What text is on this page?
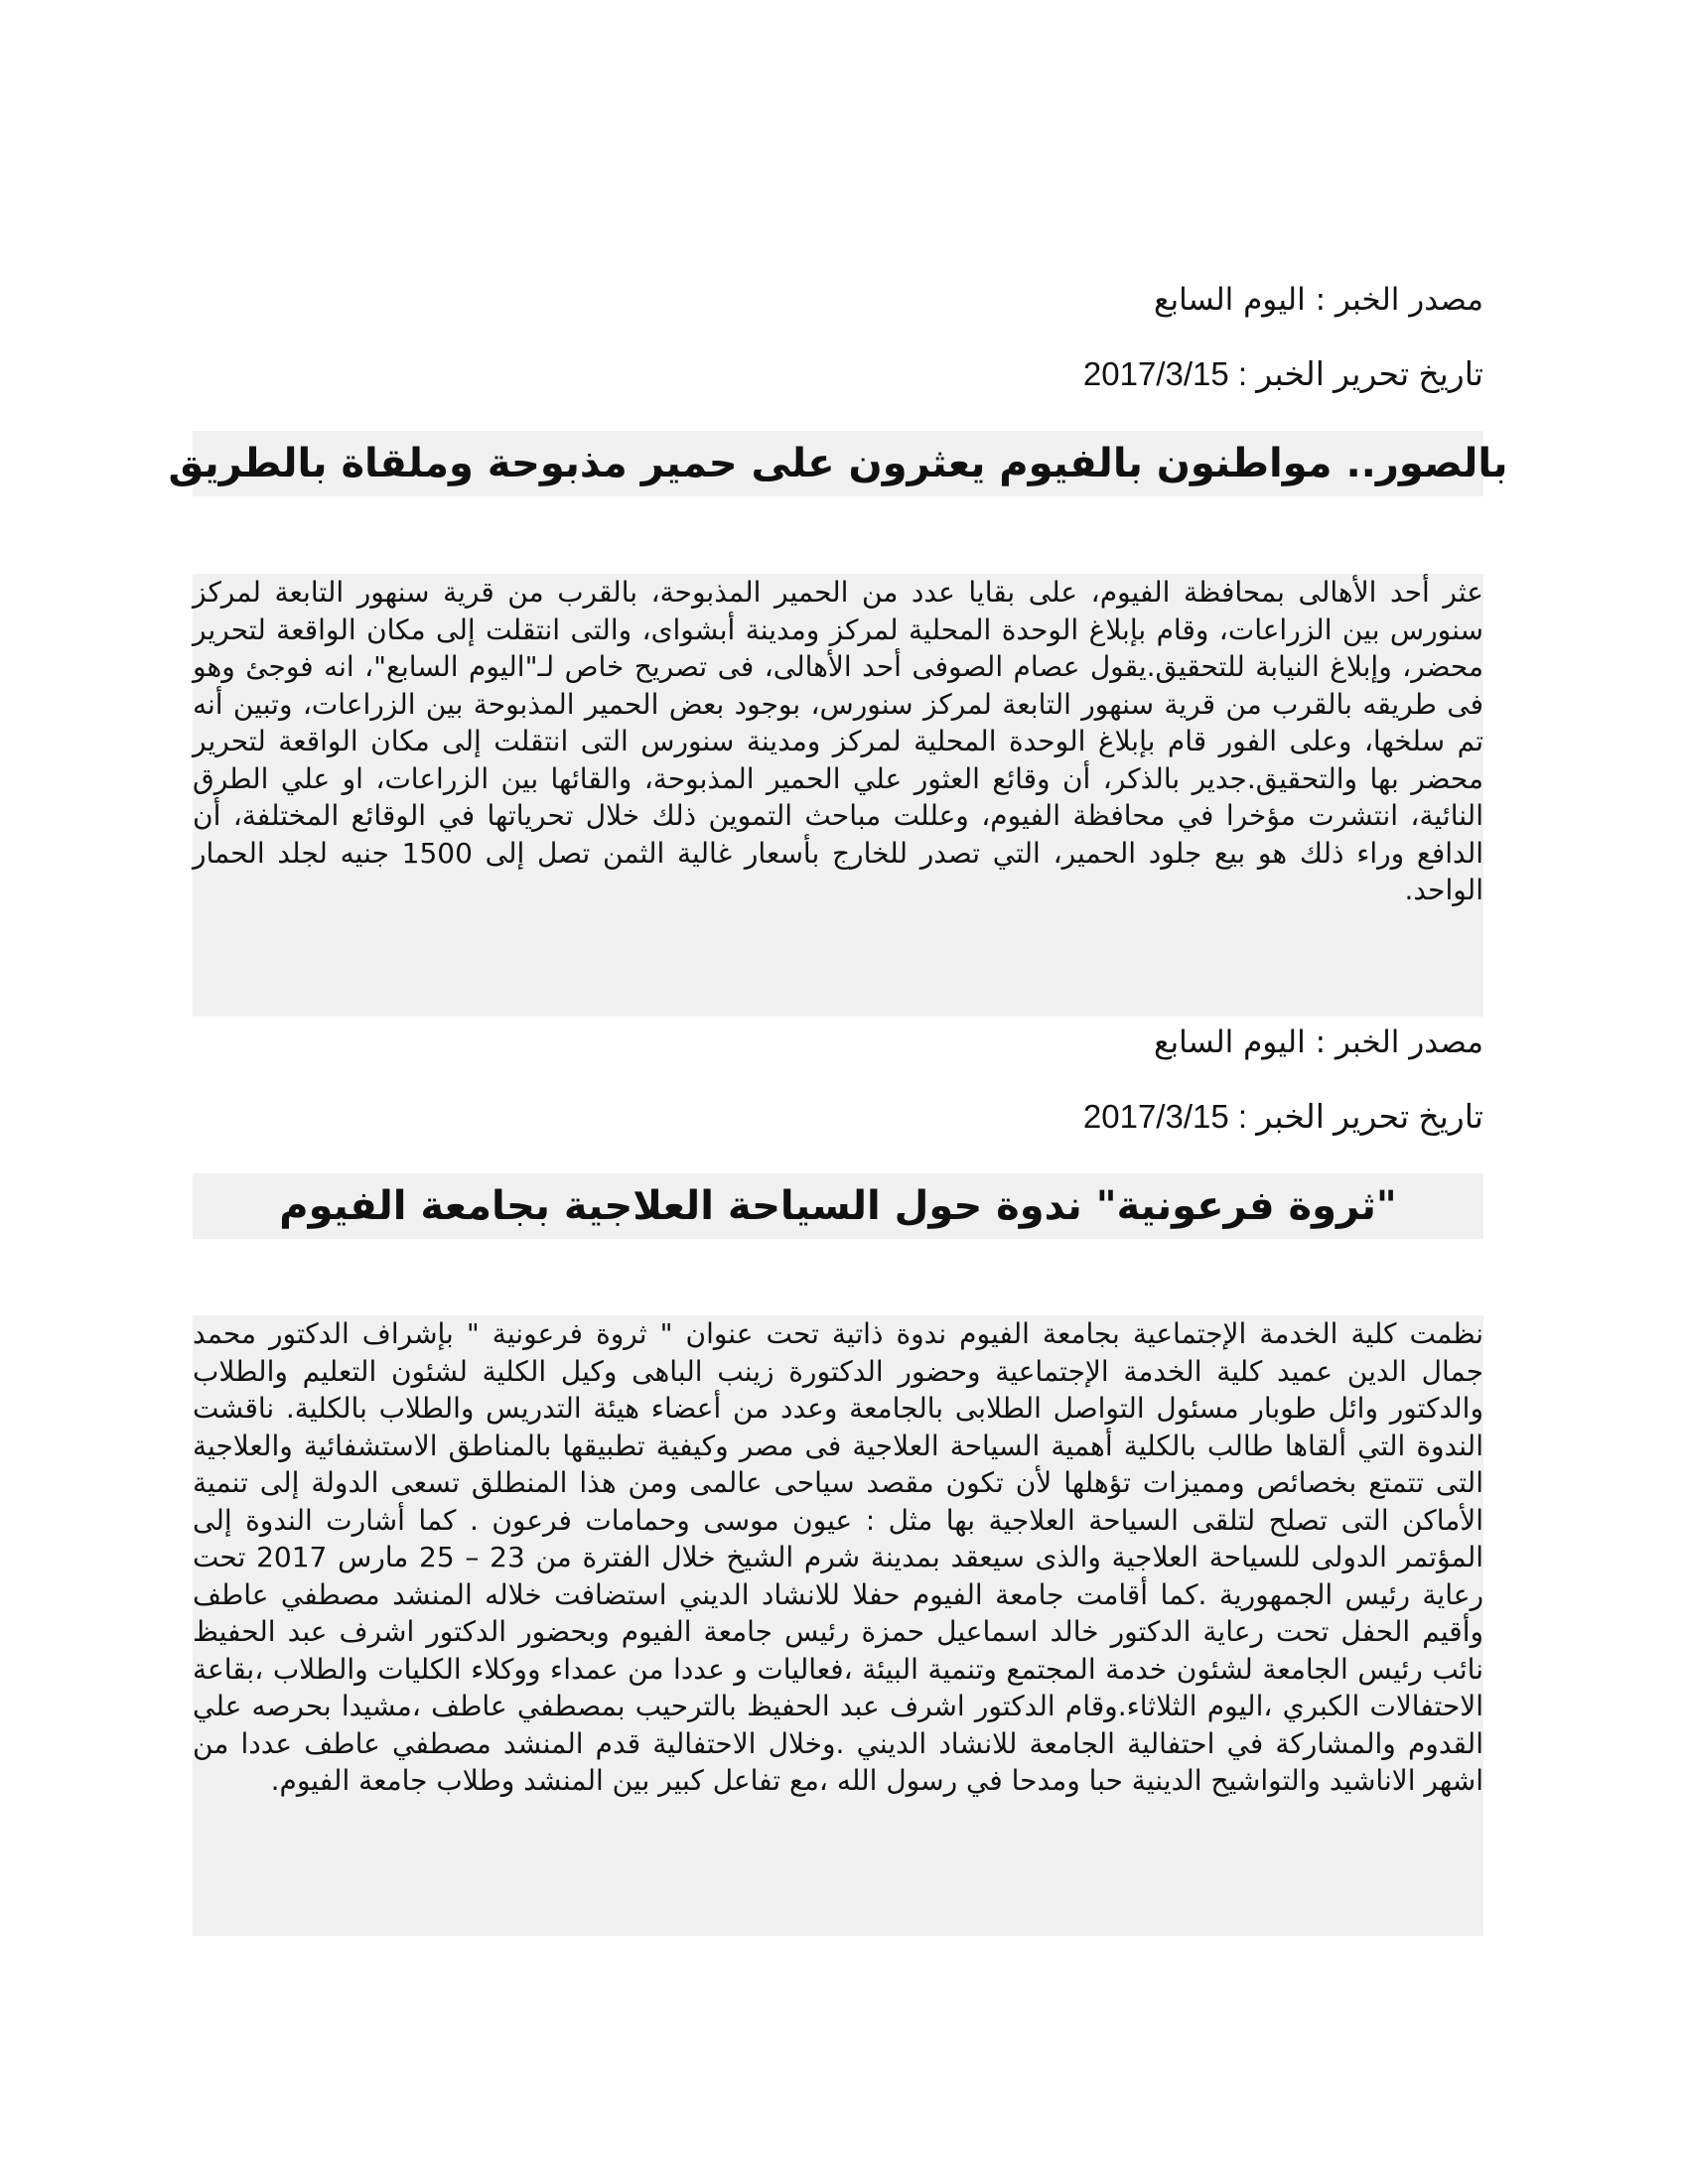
مصدر الخبر : اليوم السابع
تاريخ تحرير الخبر : 2017/3/15
بالصور.. مواطنون بالفيوم يعثرون على حمير مذبوحة وملقاة بالطريق

عثر أحد الأهالى بمحافظة الفيوم، على بقايا عدد من الحمير المذبوحة، بالقرب من قرية سنهور التابعة لمركز سنورس بين الزراعات، وقام بإبلاغ الوحدة المحلية لمركز ومدينة أبشواى، والتى انتقلت إلى مكان الواقعة لتحرير محضر، وإبلاغ النيابة للتحقيق.يقول عصام الصوفى أحد الأهالى، فى تصريح خاص لـ"اليوم السابع"، انه فوجئ وهو فى طريقه بالقرب من قرية سنهور التابعة لمركز سنورس، بوجود بعض الحمير المذبوحة بين الزراعات، وتبين أنه تم سلخها، وعلى الفور قام بإبلاغ الوحدة المحلية لمركز ومدينة سنورس التى انتقلت إلى مكان الواقعة لتحرير محضر بها والتحقيق.جدير بالذكر، أن وقائع العثور علي الحمير المذبوحة، والقائها بين الزراعات، او علي الطرق النائية، انتشرت مؤخرا في محافظة الفيوم، وعللت مباحث التموين ذلك خلال تحرياتها في الوقائع المختلفة، أن الدافع وراء ذلك هو بيع جلود الحمير، التي تصدر للخارج بأسعار غالية الثمن تصل إلى 1500 جنيه لجلد الحمار الواحد.

مصدر الخبر : اليوم السابع
تاريخ تحرير الخبر : 2017/3/15
"ثروة فرعونية" ندوة حول السياحة العلاجية بجامعة الفيوم

نظمت كلية الخدمة الإجتماعية بجامعة الفيوم ندوة ذاتية تحت عنوان " ثروة فرعونية " بإشراف الدكتور محمد جمال الدين عميد كلية الخدمة الإجتماعية وحضور الدكتورة زينب الباهى وكيل الكلية لشئون التعليم والطلاب والدكتور وائل طوبار مسئول التواصل الطلابى بالجامعة وعدد من أعضاء هيئة التدريس والطلاب بالكلية. ناقشت الندوة التي ألقاها طالب بالكلية أهمية السياحة العلاجية فى مصر وكيفية تطبيقها بالمناطق الاستشفائية والعلاجية التى تتمتع بخصائص ومميزات تؤهلها لأن تكون مقصد سياحى عالمى ومن هذا المنطلق تسعى الدولة إلى تنمية الأماكن التى تصلح لتلقى السياحة العلاجية بها مثل : عيون موسى وحمامات فرعون . كما أشارت الندوة إلى المؤتمر الدولى للسياحة العلاجية والذى سيعقد بمدينة شرم الشيخ خلال الفترة من 23 – 25 مارس 2017 تحت رعاية رئيس الجمهورية .كما أقامت جامعة الفيوم حفلا للانشاد الديني استضافت خلاله المنشد مصطفي عاطف وأقيم الحفل تحت رعاية الدكتور خالد اسماعيل حمزة رئيس جامعة الفيوم وبحضور الدكتور اشرف عبد الحفيظ نائب رئيس الجامعة لشئون خدمة المجتمع وتنمية البيئة ،فعاليات و عددا من عمداء ووكلاء الكليات والطلاب ،بقاعة الاحتفالات الكبري ،اليوم الثلاثاء.وقام الدكتور اشرف عبد الحفيظ بالترحيب بمصطفي عاطف ،مشيدا بحرصه علي القدوم والمشاركة في احتفالية الجامعة للانشاد الديني .وخلال الاحتفالية قدم المنشد مصطفي عاطف عددا من اشهر الاناشيد والتواشيح الدينية حبا ومدحا في رسول الله ،مع تفاعل كبير بين المنشد وطلاب جامعة الفيوم.
